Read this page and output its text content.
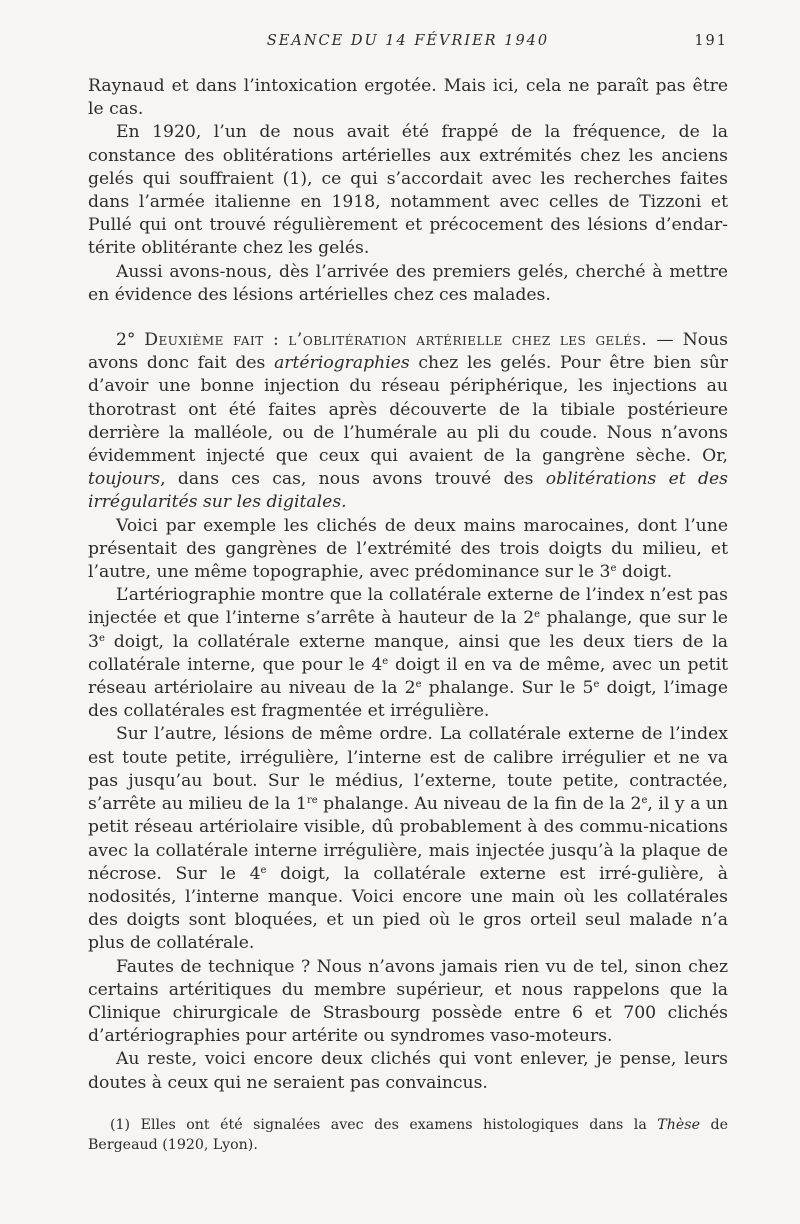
SEANCE DU 14 FÉVRIER 1940	191

Raynaud et dans l’intoxication ergotée. Mais ici, cela ne paraît pas être le cas.

En 1920, l’un de nous avait été frappé de la fréquence, de la constance des oblitérations artérielles aux extrémités chez les anciens gelés qui souffraient (1), ce qui s’accordait avec les recherches faites dans l’armée italienne en 1918, notamment avec celles de Tizzoni et Pullé qui ont trouvé régulièrement et précocement des lésions d’endar-térite oblitérante chez les gelés.

Aussi avons-nous, dès l’arrivée des premiers gelés, cherché à mettre en évidence des lésions artérielles chez ces malades.

2° Deuxième fait : l’oblitération artérielle chez les gelés. — Nous avons donc fait des artériographies chez les gelés. Pour être bien sûr d’avoir une bonne injection du réseau périphérique, les injections au thorotrast ont été faites après découverte de la tibiale postérieure derrière la malléole, ou de l’humérale au pli du coude. Nous n’avons évidemment injecté que ceux qui avaient de la gangrène sèche. Or, toujours, dans ces cas, nous avons trouvé des oblitérations et des irrégularités sur les digitales.

Voici par exemple les clichés de deux mains marocaines, dont l’une présentait des gangrènes de l’extrémité des trois doigts du milieu, et l’autre, une même topographie, avec prédominance sur le 3e doigt.

L’artériographie montre que la collatérale externe de l’index n’est pas injectée et que l’interne s’arrête à hauteur de la 2e phalange, que sur le 3e doigt, la collatérale externe manque, ainsi que les deux tiers de la collatérale interne, que pour le 4e doigt il en va de même, avec un petit réseau artériolaire au niveau de la 2e phalange. Sur le 5e doigt, l’image des collatérales est fragmentée et irrégulière.

Sur l’autre, lésions de même ordre. La collatérale externe de l’index est toute petite, irrégulière, l’interne est de calibre irrégulier et ne va pas jusqu’au bout. Sur le médius, l’externe, toute petite, contractée, s’arrête au milieu de la 1re phalange. Au niveau de la fin de la 2e, il y a un petit réseau artériolaire visible, dû probablement à des commu-nications avec la collatérale interne irrégulière, mais injectée jusqu’à la plaque de nécrose. Sur le 4e doigt, la collatérale externe est irré-gulière, à nodosités, l’interne manque. Voici encore une main où les collatérales des doigts sont bloquées, et un pied où le gros orteil seul malade n’a plus de collatérale.

Fautes de technique ? Nous n’avons jamais rien vu de tel, sinon chez certains artéritiques du membre supérieur, et nous rappelons que la Clinique chirurgicale de Strasbourg possède entre 6 et 700 clichés d’artériographies pour artérite ou syndromes vaso-moteurs.

Au reste, voici encore deux clichés qui vont enlever, je pense, leurs doutes à ceux qui ne seraient pas convaincus.

(1) Elles ont été signalées avec des examens histologiques dans la Thèse de Bergeaud (1920, Lyon).
